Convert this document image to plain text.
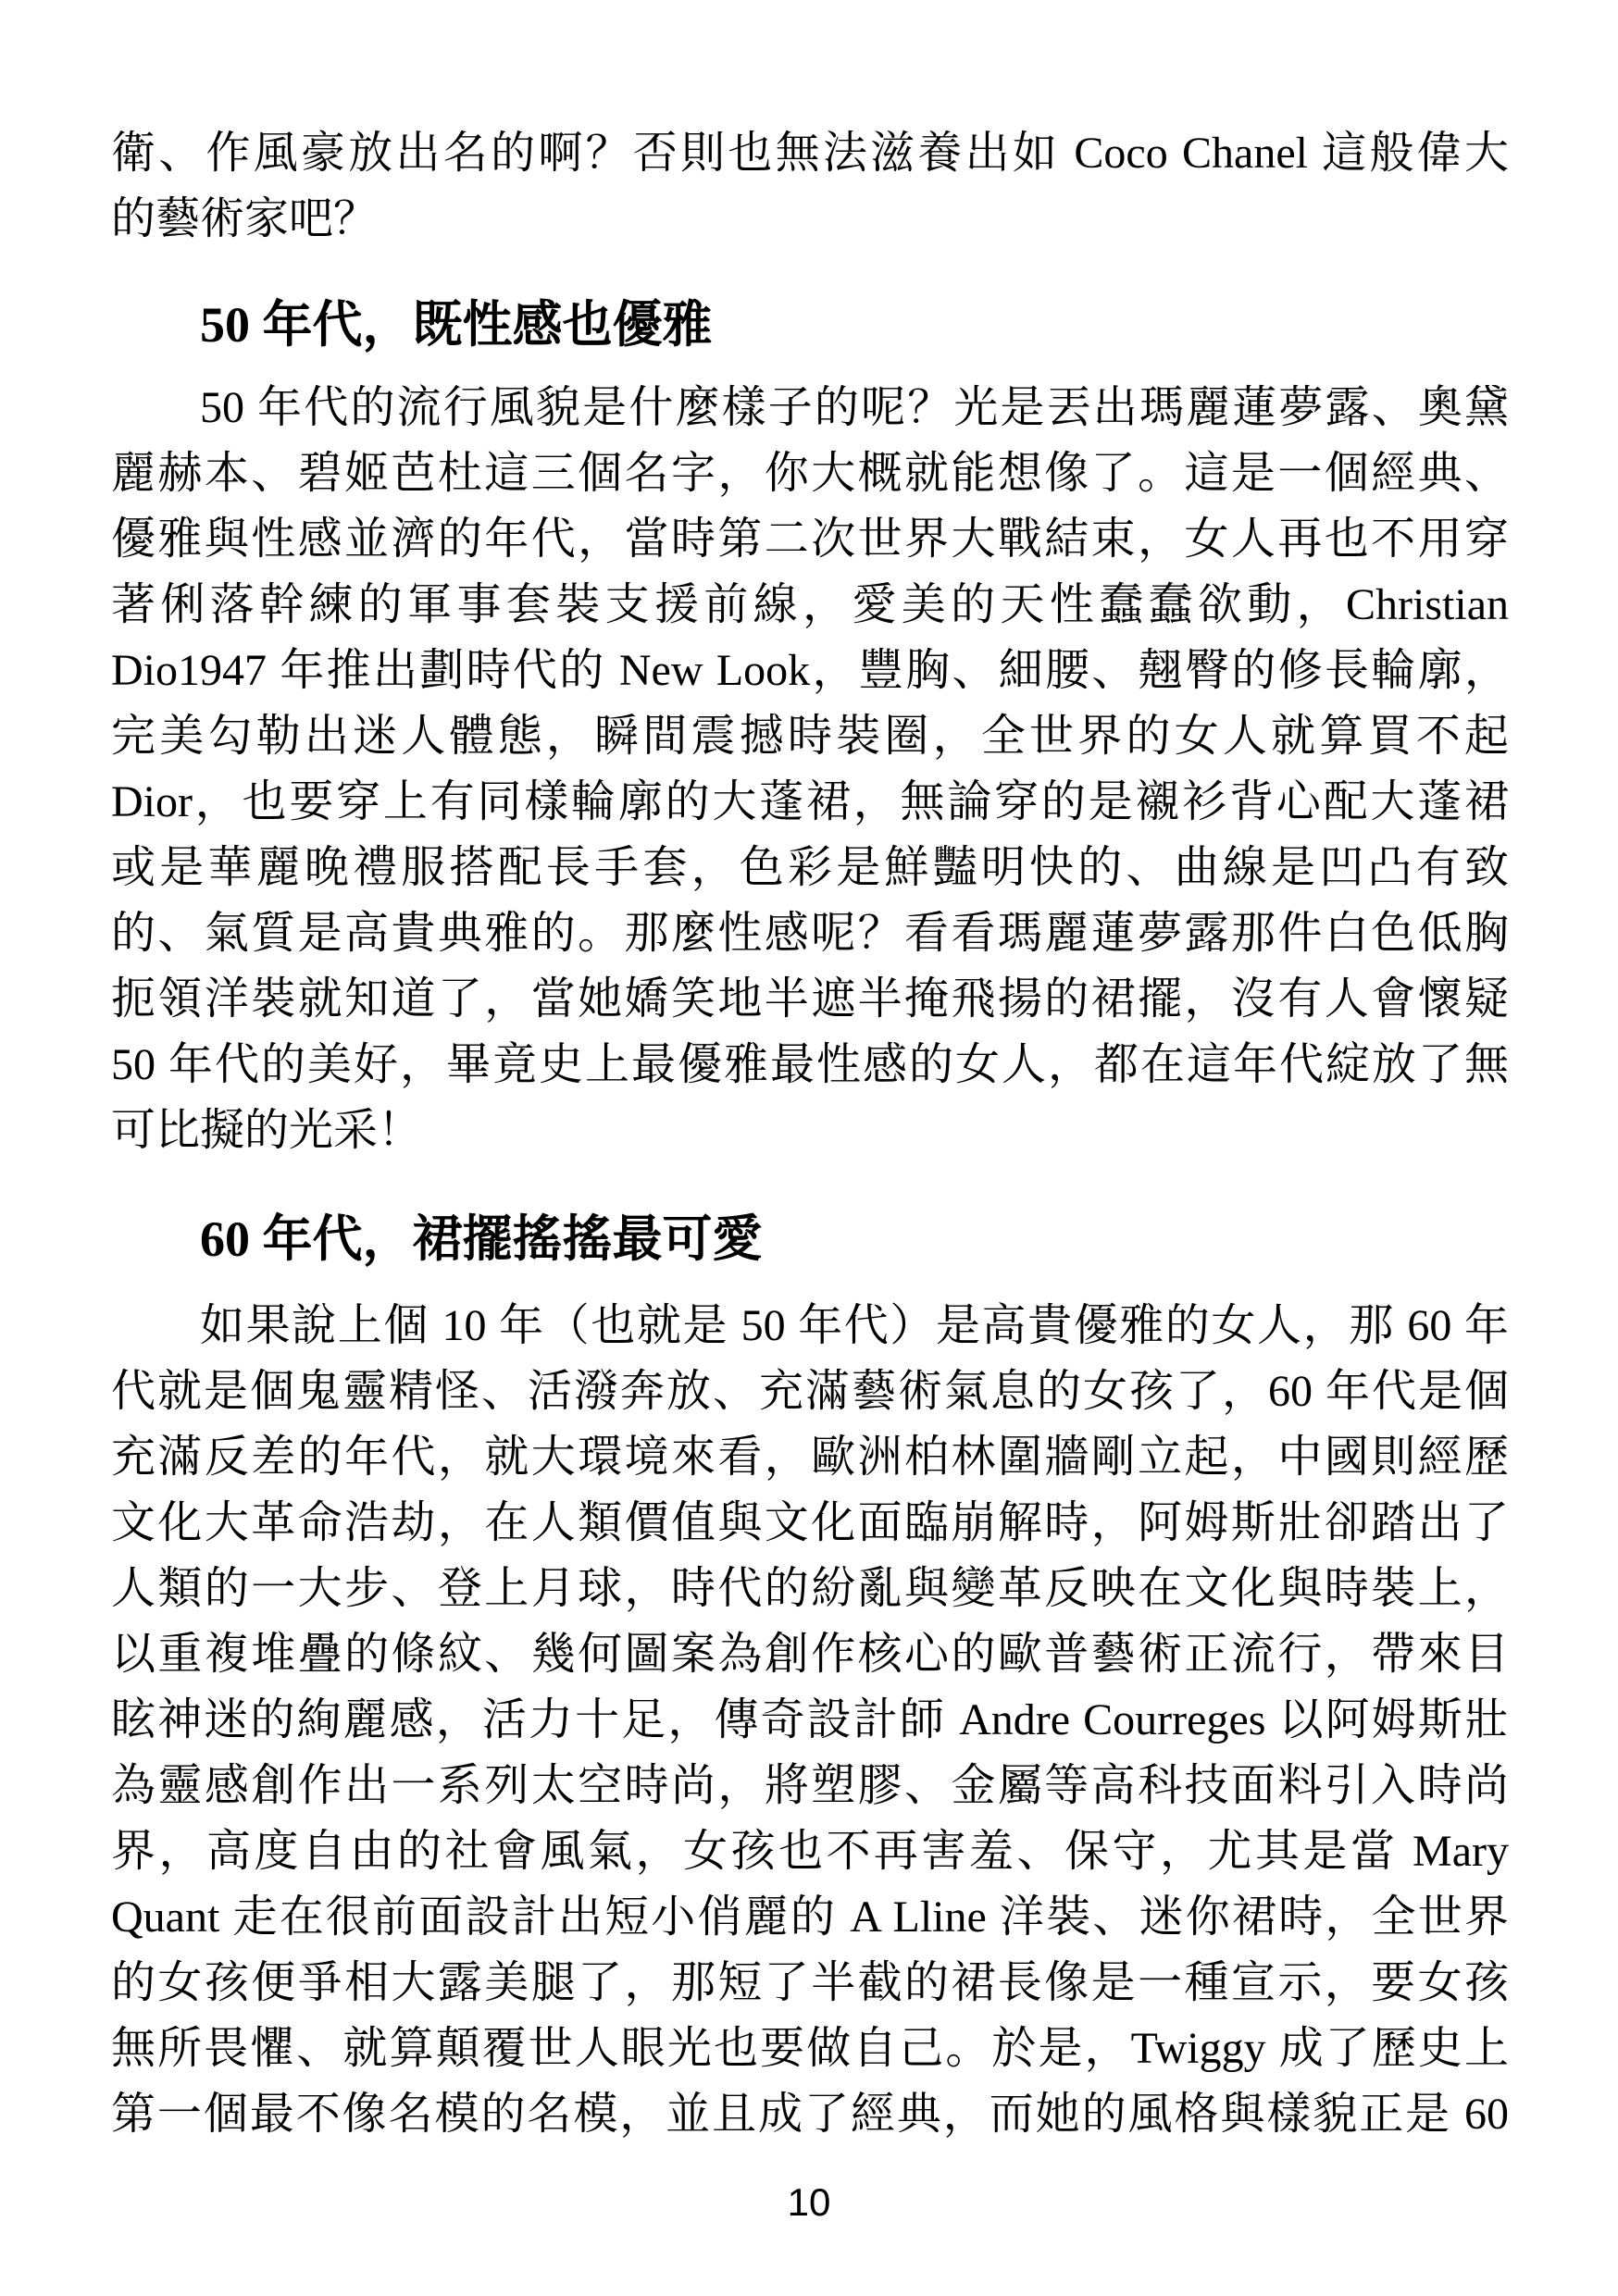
衛、作風豪放出名的啊？否則也無法滋養出如 Coco Chanel 這般偉大
的藝術家吧？
50 年代，既性感也優雅
50 年代的流行風貌是什麼樣子的呢？光是丟出瑪麗蓮夢露、奧黛
麗赫本、碧姬芭杜這三個名字，你大概就能想像了。這是一個經典、
優雅與性感並濟的年代，當時第二次世界大戰結束，女人再也不用穿
著俐落幹練的軍事套裝支援前線，愛美的天性蠢蠢欲動，Christian
Dio1947 年推出劃時代的 New Look，豐胸、細腰、翹臀的修長輪廓，
完美勾勒出迷人體態，瞬間震撼時裝圈，全世界的女人就算買不起
Dior，也要穿上有同樣輪廓的大蓬裙，無論穿的是襯衫背心配大蓬裙
或是華麗晚禮服搭配長手套，色彩是鮮豔明快的、曲線是凹凸有致
的、氣質是高貴典雅的。那麼性感呢？看看瑪麗蓮夢露那件白色低胸
扼領洋裝就知道了，當她嬌笑地半遮半掩飛揚的裙擺，沒有人會懷疑
50 年代的美好，畢竟史上最優雅最性感的女人，都在這年代綻放了無
可比擬的光采！
60 年代，裙擺搖搖最可愛
如果說上個 10 年（也就是 50 年代）是高貴優雅的女人，那 60 年
代就是個鬼靈精怪、活潑奔放、充滿藝術氣息的女孩了，60 年代是個
充滿反差的年代，就大環境來看，歐洲柏林圍牆剛立起，中國則經歷
文化大革命浩劫，在人類價值與文化面臨崩解時，阿姆斯壯卻踏出了
人類的一大步、登上月球，時代的紛亂與變革反映在文化與時裝上，
以重複堆疊的條紋、幾何圖案為創作核心的歐普藝術正流行，帶來目
眩神迷的絢麗感，活力十足，傳奇設計師 Andre Courreges 以阿姆斯壯
為靈感創作出一系列太空時尚，將塑膠、金屬等高科技面料引入時尚
界，高度自由的社會風氣，女孩也不再害羞、保守，尤其是當 Mary
Quant 走在很前面設計出短小俏麗的 A Lline 洋裝、迷你裙時，全世界
的女孩便爭相大露美腿了，那短了半截的裙長像是一種宣示，要女孩
無所畏懼、就算顛覆世人眼光也要做自己。於是，Twiggy 成了歷史上
第一個最不像名模的名模，並且成了經典，而她的風格與樣貌正是 60
10
